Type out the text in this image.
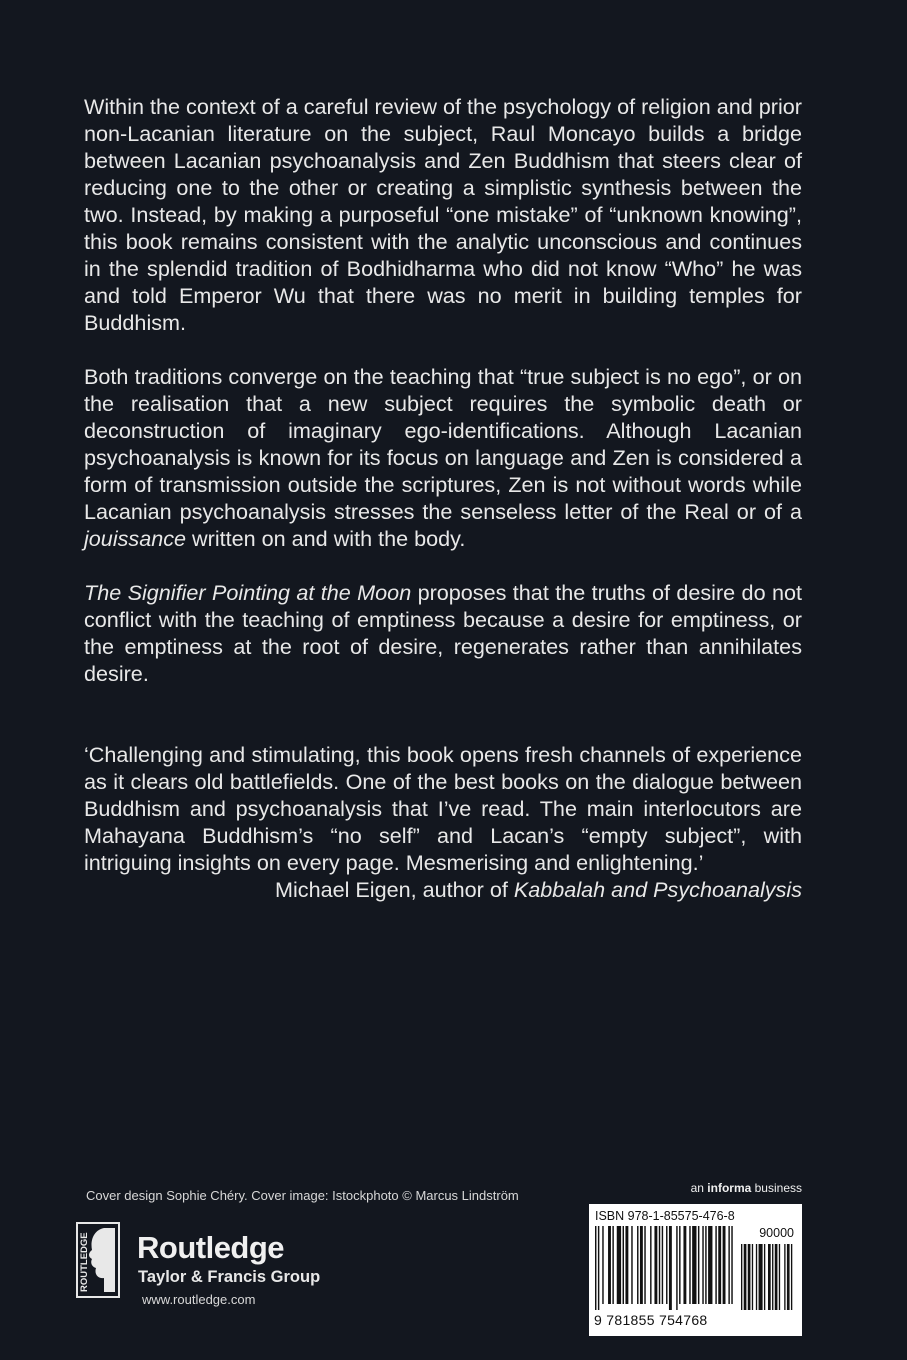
Within the context of a careful review of the psychology of religion and prior non-Lacanian literature on the subject, Raul Moncayo builds a bridge between Lacanian psychoanalysis and Zen Buddhism that steers clear of reducing one to the other or creating a simplistic synthesis between the two. Instead, by making a purposeful “one mistake” of “unknown knowing”, this book remains consistent with the analytic unconscious and continues in the splendid tradition of Bodhidharma who did not know “Who” he was and told Emperor Wu that there was no merit in building temples for Buddhism.

Both traditions converge on the teaching that “true subject is no ego”, or on the realisation that a new subject requires the symbolic death or deconstruction of imaginary ego-identifications. Although Lacanian psychoanalysis is known for its focus on language and Zen is considered a form of transmission outside the scriptures, Zen is not without words while Lacanian psychoanalysis stresses the senseless letter of the Real or of a jouissance written on and with the body.

The Signifier Pointing at the Moon proposes that the truths of desire do not conflict with the teaching of emptiness because a desire for emptiness, or the emptiness at the root of desire, regenerates rather than annihilates desire.

‘Challenging and stimulating, this book opens fresh channels of experience as it clears old battlefields. One of the best books on the dialogue between Buddhism and psychoanalysis that I’ve read. The main interlocutors are Mahayana Buddhism’s “no self” and Lacan’s “empty subject”, with intriguing insights on every page. Mesmerising and enlightening.’

Michael Eigen, author of Kabbalah and Psychoanalysis

Cover design Sophie Chéry. Cover image: Istockphoto © Marcus Lindström
ROUTLEDGE Routledge
Taylor & Francis Group
www.routledge.com
an informa business
ISBN 978-1-85575-476-8
90000
9 781855 754768
